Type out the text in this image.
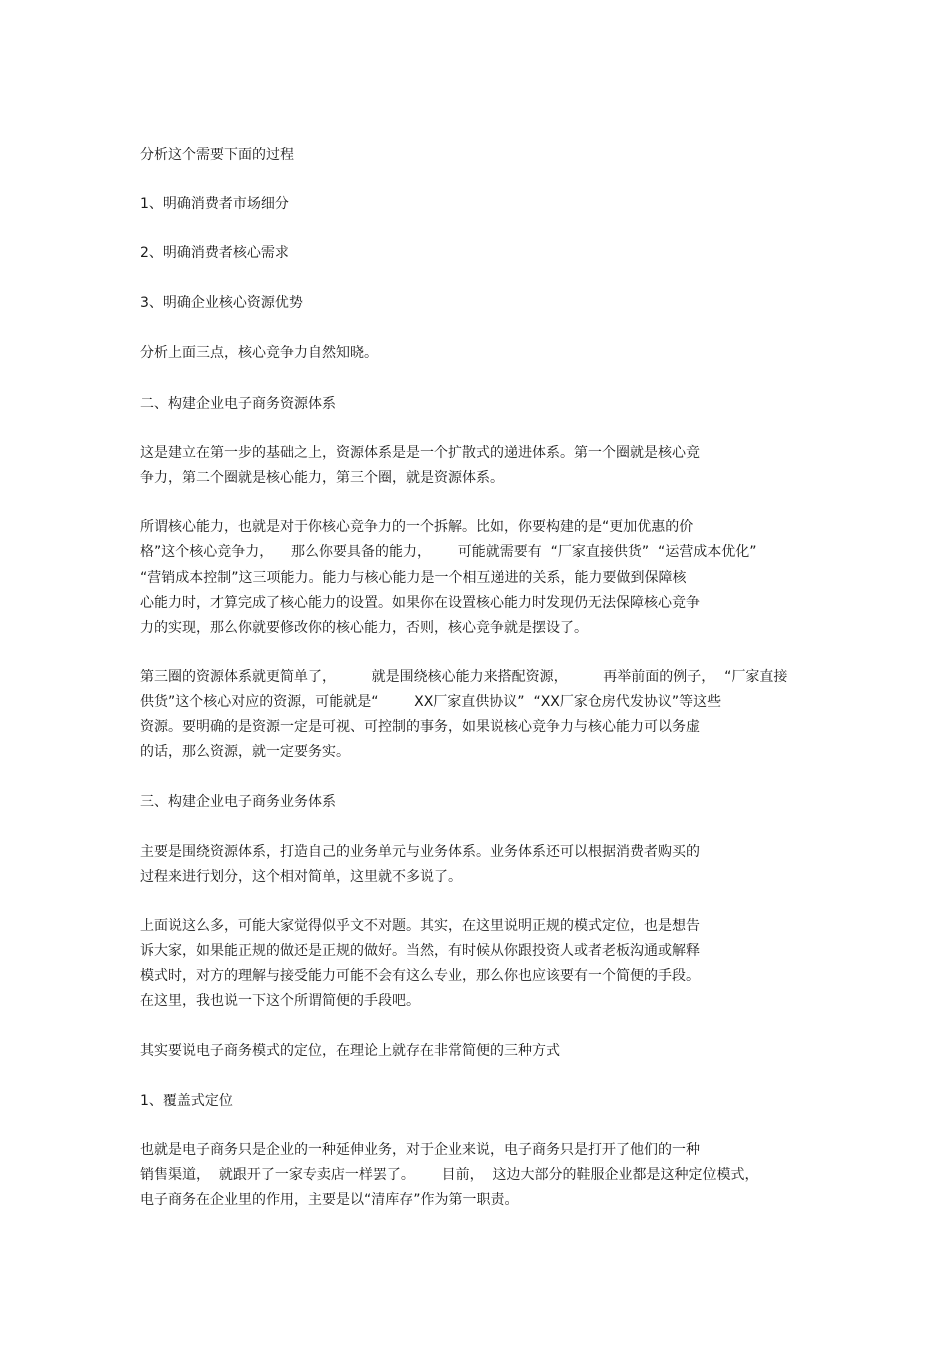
分析这个需要下面的过程
1、明确消费者市场细分
2、明确消费者核心需求
3、明确企业核心资源优势
分析上面三点，核心竞争力自然知晓。
二、构建企业电子商务资源体系
这是建立在第一步的基础之上，资源体系是是一个扩散式的递进体系。第一个圈就是核心竞
争力，第二个圈就是核心能力，第三个圈，就是资源体系。
所谓核心能力，也就是对于你核心竞争力的一个拆解。比如，你要构建的是“更加优惠的价
格”这个核心竞争力，    那么你要具备的能力，      可能就需要有  “厂家直接供货”  “运营成本优化”
“营销成本控制”这三项能力。能力与核心能力是一个相互递进的关系，能力要做到保障核
心能力时，才算完成了核心能力的设置。如果你在设置核心能力时发现仍无法保障核心竞争
力的实现，那么你就要修改你的核心能力，否则，核心竞争就是摆设了。
第三圈的资源体系就更简单了，        就是围绕核心能力来搭配资源，        再举前面的例子，  “厂家直接
供货”这个核心对应的资源，可能就是“        XX厂家直供协议”  “XX厂家仓房代发协议”等这些
资源。要明确的是资源一定是可视、可控制的事务，如果说核心竞争力与核心能力可以务虚
的话，那么资源，就一定要务实。
三、构建企业电子商务业务体系
主要是围绕资源体系，打造自己的业务单元与业务体系。业务体系还可以根据消费者购买的
过程来进行划分，这个相对简单，这里就不多说了。
上面说这么多，可能大家觉得似乎文不对题。其实，在这里说明正规的模式定位，也是想告
诉大家，如果能正规的做还是正规的做好。当然，有时候从你跟投资人或者老板沟通或解释
模式时，对方的理解与接受能力可能不会有这么专业，那么你也应该要有一个简便的手段。
在这里，我也说一下这个所谓简便的手段吧。
其实要说电子商务模式的定位，在理论上就存在非常简便的三种方式
1、覆盖式定位
也就是电子商务只是企业的一种延伸业务，对于企业来说，电子商务只是打开了他们的一种
销售渠道，  就跟开了一家专卖店一样罢了。      目前，  这边大部分的鞋服企业都是这种定位模式，
电子商务在企业里的作用，主要是以“清库存”作为第一职责。
